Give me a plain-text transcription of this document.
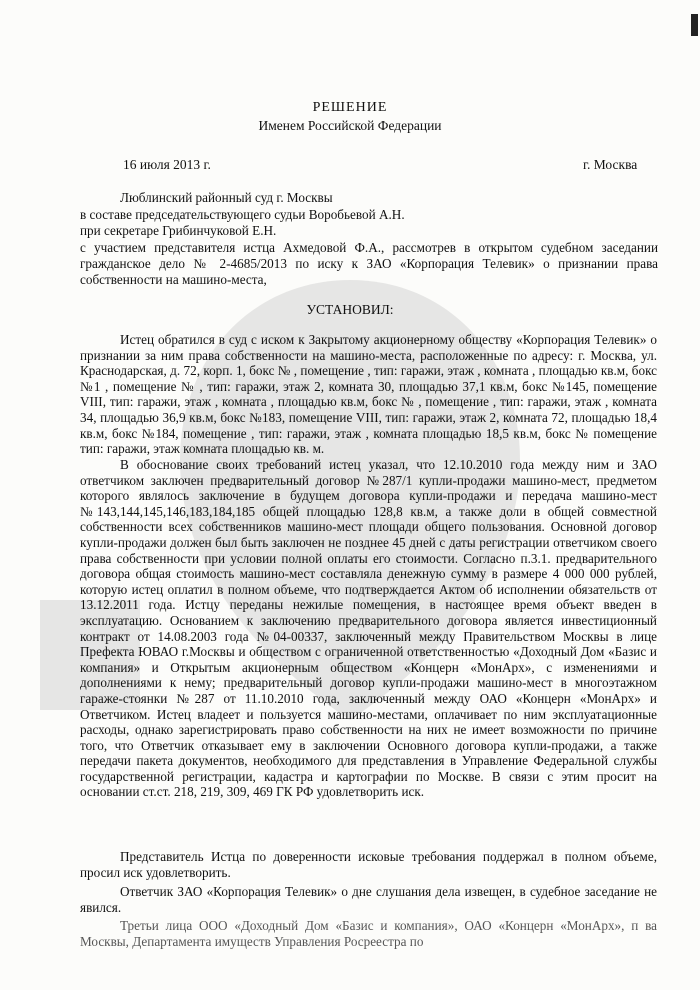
РЕШЕНИЕ
Именем Российской Федерации
16 июля 2013 г.	г. Москва
Люблинский районный суд г. Москвы
в составе председательствующего судьи Воробьевой А.Н.
при секретаре Грибинчуковой Е.Н.
с участием представителя истца Ахмедовой Ф.А., рассмотрев в открытом судебном заседании гражданское дело № 2-4685/2013 по иску к ЗАО «Корпорация Телевик» о признании права собственности на машино-места,
УСТАНОВИЛ:
Истец обратился в суд с иском к Закрытому акционерному обществу «Корпорация Телевик» о признании за ним права собственности на машино-места, расположенные по адресу: г. Москва, ул. Краснодарская, д. 72, корп. 1, бокс № , помещение , тип: гаражи, этаж , комната , площадью кв.м, бокс №1 , помещение № , тип: гаражи, этаж 2, комната 30, площадью 37,1 кв.м, бокс №145, помещение VIII, тип: гаражи, этаж , комната , площадью кв.м, бокс № , помещение , тип: гаражи, этаж , комната 34, площадью 36,9 кв.м, бокс №183, помещение VIII, тип: гаражи, этаж 2, комната 72, площадью 18,4 кв.м, бокс №184, помещение , тип: гаражи, этаж , комната площадью 18,5 кв.м, бокс № помещение тип: гаражи, этаж комната площадью кв. м.
В обоснование своих требований истец указал, что 12.10.2010 года между ним и ЗАО ответчиком заключен предварительный договор №287/1 купли-продажи машино-мест, предметом которого являлось заключение в будущем договора купли-продажи и передача машино-мест №143,144,145,146,183,184,185 общей площадью 128,8 кв.м, а также доли в общей совместной собственности всех собственников машино-мест площади общего пользования. Основной договор купли-продажи должен был быть заключен не позднее 45 дней с даты регистрации ответчиком своего права собственности при условии полной оплаты его стоимости. Согласно п.3.1. предварительного договора общая стоимость машино-мест составляла денежную сумму в размере 4 000 000 рублей, которую истец оплатил в полном объеме, что подтверждается Актом об исполнении обязательств от 13.12.2011 года. Истцу переданы нежилые помещения, в настоящее время объект введен в эксплуатацию. Основанием к заключению предварительного договора является инвестиционный контракт от 14.08.2003 года №04-00337, заключенный между Правительством Москвы в лице Префекта ЮВАО г.Москвы и обществом с ограниченной ответственностью «Доходный Дом «Базис и компания» и Открытым акционерным обществом «Концерн «МонАрх», с изменениями и дополнениями к нему; предварительный договор купли-продажи машино-мест в многоэтажном гараже-стоянки №287 от 11.10.2010 года, заключенный между ОАО «Концерн «МонАрх» и Ответчиком. Истец владеет и пользуется машино-местами, оплачивает по ним эксплуатационные расходы, однако зарегистрировать право собственности на них не имеет возможности по причине того, что Ответчик отказывает ему в заключении Основного договора купли-продажи, а также передачи пакета документов, необходимого для представления в Управление Федеральной службы государственной регистрации, кадастра и картографии по Москве. В связи с этим просит на основании ст.ст. 218, 219, 309, 469 ГК РФ удовлетворить иск.
Представитель Истца по доверенности исковые требования поддержал в полном объеме, просил иск удовлетворить.
Ответчик ЗАО «Корпорация Телевик» о дне слушания дела извещен, в судебное заседание не явился.
Третьи лица ООО «Доходный Дом «Базис и компания», ОАО «Концерн «МонАрх», п ва Москвы, Департамента имуществ Управления Росреестра по
